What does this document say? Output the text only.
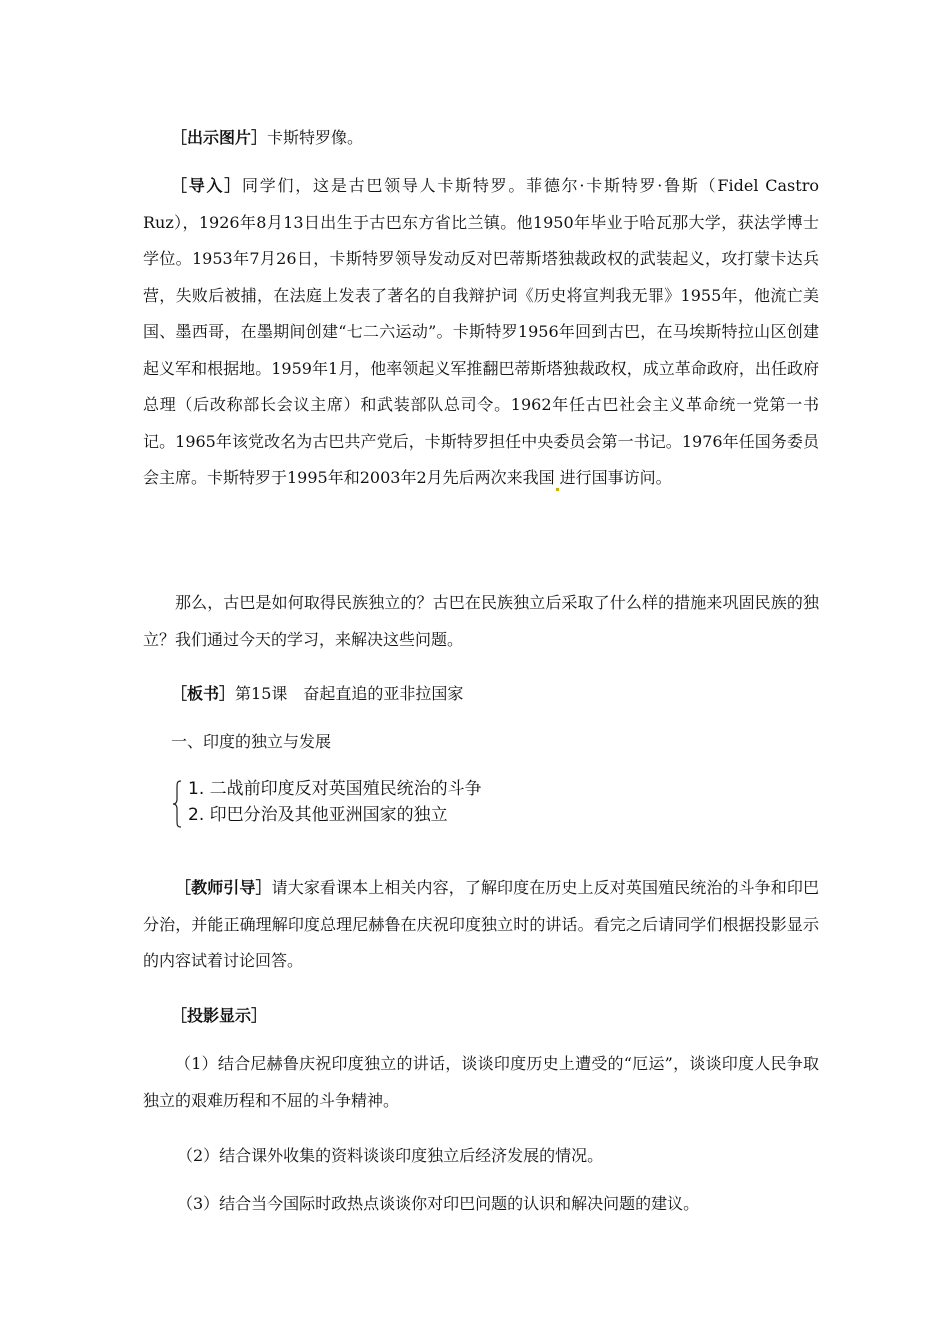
［出示图片］卡斯特罗像。

［导入］同学们，这是古巴领导人卡斯特罗。菲德尔·卡斯特罗·鲁斯（Fidel Castro Ruz），1926年8月13日出生于古巴东方省比兰镇。他1950年毕业于哈瓦那大学，获法学博士学位。1953年7月26日，卡斯特罗领导发动反对巴蒂斯塔独裁政权的武装起义，攻打蒙卡达兵营，失败后被捕，在法庭上发表了著名的自我辩护词《历史将宣判我无罪》1955年，他流亡美国、墨西哥，在墨期间创建“七二六运动”。卡斯特罗1956年回到古巴，在马埃斯特拉山区创建起义军和根据地。1959年1月，他率领起义军推翻巴蒂斯塔独裁政权，成立革命政府，出任政府总理（后改称部长会议主席）和武装部队总司令。1962年任古巴社会主义革命统一党第一书记。1965年该党改名为古巴共产党后，卡斯特罗担任中央委员会第一书记。1976年任国务委员会主席。卡斯特罗于1995年和2003年2月先后两次来我国 进行国事访问。

那么，古巴是如何取得民族独立的？古巴在民族独立后采取了什么样的措施来巩固民族的独立？我们通过今天的学习，来解决这些问题。

［板书］第15课　奋起直追的亚非拉国家

一、印度的独立与发展

1. 二战前印度反对英国殖民统治的斗争
2. 印巴分治及其他亚洲国家的独立

［教师引导］请大家看课本上相关内容，了解印度在历史上反对英国殖民统治的斗争和印巴分治，并能正确理解印度总理尼赫鲁在庆祝印度独立时的讲话。看完之后请同学们根据投影显示的内容试着讨论回答。

［投影显示］

（1）结合尼赫鲁庆祝印度独立的讲话，谈谈印度历史上遭受的“厄运”，谈谈印度人民争取独立的艰难历程和不屈的斗争精神。

（2）结合课外收集的资料谈谈印度独立后经济发展的情况。

（3）结合当今国际时政热点谈谈你对印巴问题的认识和解决问题的建议。
